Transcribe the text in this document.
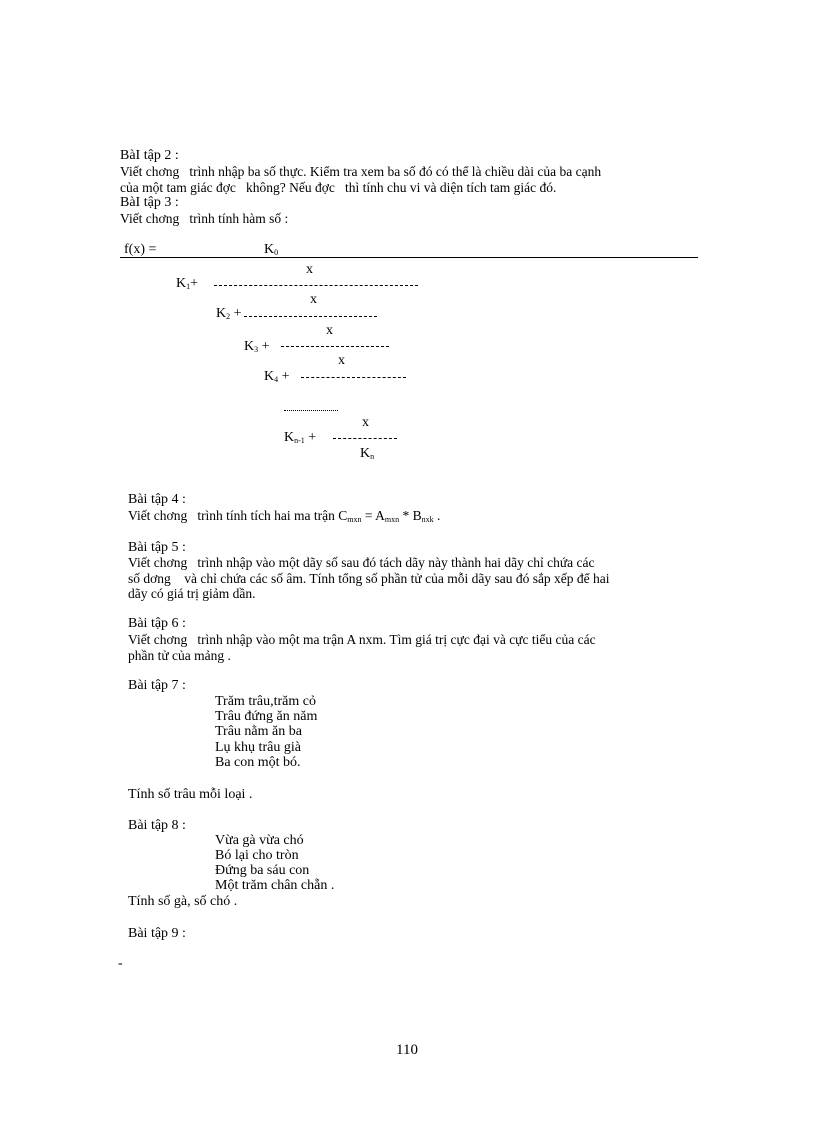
BàI tập 2 :
Viết chơng   trình nhập ba số thực. Kiểm tra xem ba số đó có thể là chiều dài của ba cạnh
của một tam giác đợc   không? Nếu đợc   thì tính chu vi và diện tích tam giác đó.
BàI tập 3 :
Viết chơng   trình tính hàm số :
f(x) =	$K_0$
x
$K_1+$
x
$K_2$ +
x
$K_3$ +
x
$K_4$ +
x
$K_{n-1}$ +
$K_n$
Bài tập 4 :
Viết chơng   trình tính tích hai ma trận $C_{mxn} = A_{mxn} * B_{nxk}$ .
Bài tập 5 :
Viết chơng   trình nhập vào một dãy số sau đó tách dãy này thành hai dãy chỉ chứa các
số dơng    và chỉ chứa các số âm. Tính tổng số phần tử của mỗi dãy sau đó sắp xếp để hai
dãy có giá trị giảm dần.
Bài tập 6 :
Viết chơng   trình nhập vào một ma trận A nxm. Tìm giá trị cực đại và cực tiểu của các
phần tử của mảng .
Bài tập 7 :
Trăm trâu,trăm cỏ
Trâu đứng ăn năm
Trâu nằm ăn ba
Lụ khụ trâu già
Ba con một bó.
Tính số trâu mỗi loại .
Bài tập 8 :
Vừa gà vừa chó
Bó lại cho tròn
Đứng ba sáu con
Một trăm chân chẵn .
Tính số gà, số chó .
Bài tập 9 :
-
110
